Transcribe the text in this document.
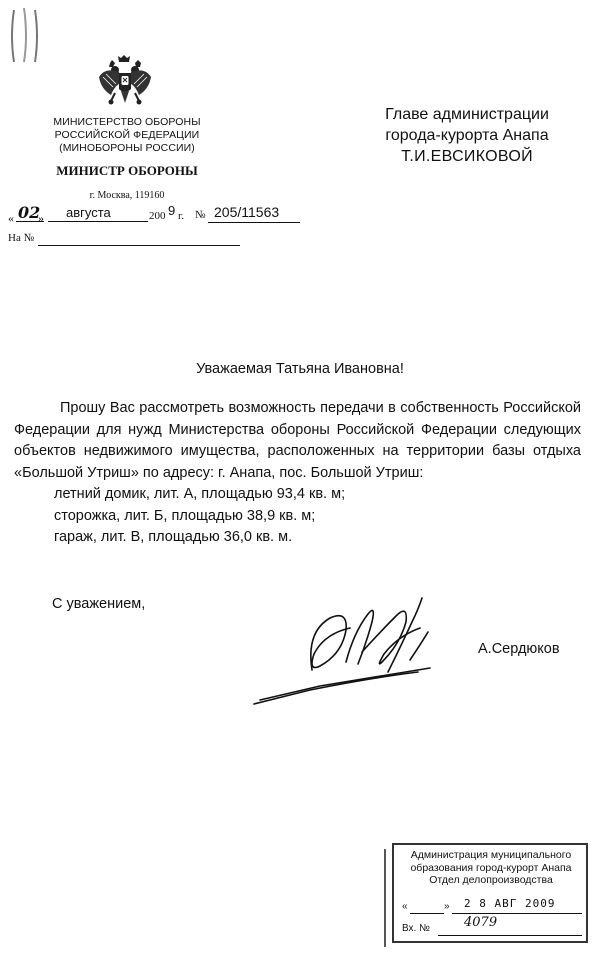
МИНИСТЕРСТВО ОБОРОНЫ
РОССИЙСКОЙ ФЕДЕРАЦИИ
(МИНОБОРОНЫ РОССИИ)
МИНИСТР ОБОРОНЫ
г. Москва, 119160
« 02
» августа	200 9 г. № 205/11563
На №
Главе администрации
города-курорта Анапа
Т.И.ЕВСИКОВОЙ
Уважаемая Татьяна Ивановна!

Прошу Вас рассмотреть возможность передачи в собственность Российской Федерации для нужд Министерства обороны Российской Федерации следующих объектов недвижимого имущества, расположенных на территории базы отдыха «Большой Утриш» по адресу: г. Анапа, пос. Большой Утриш:

летний домик, лит. А, площадью 93,4 кв. м;

сторожка, лит. Б, площадью 38,9 кв. м;

гараж, лит. В, площадью 36,0 кв. м.

С уважением,
А.Сердюков
Администрация муниципального
образования город-курорт Анапа
Отдел делопроизводства
«	» 2 8 АВГ 2009
Вх. №	4079
